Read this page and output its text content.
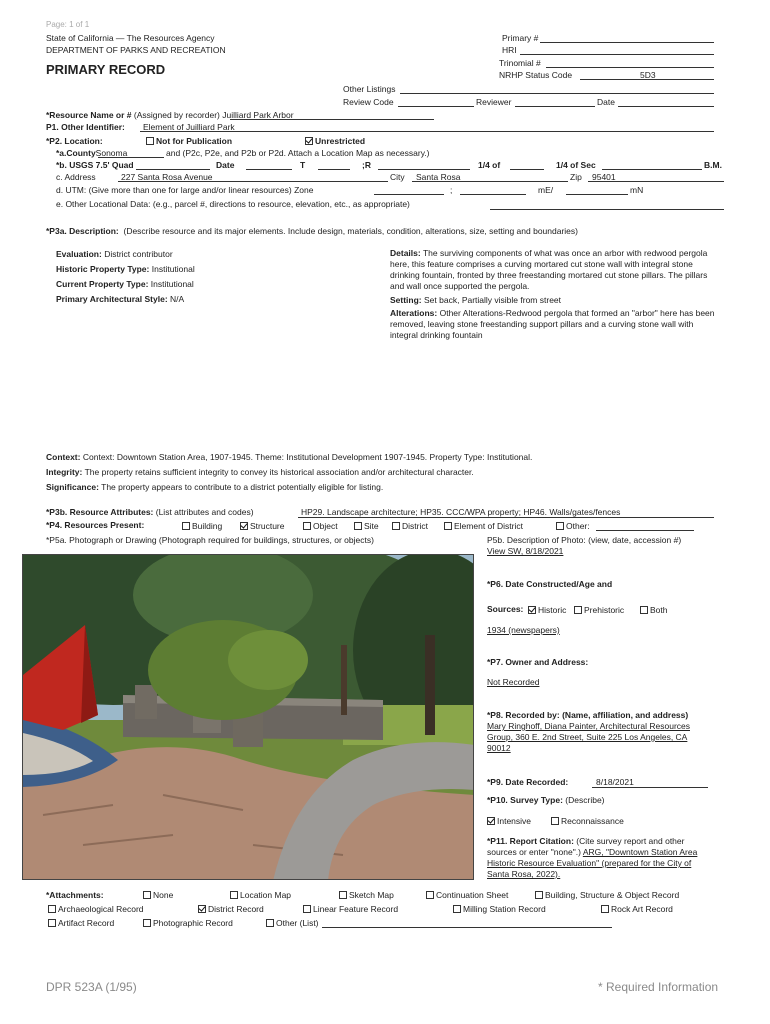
Page: 1 of 1
State of California — The Resources Agency
DEPARTMENT OF PARKS AND RECREATION
PRIMARY RECORD
Primary #
HRI
Trinomial #
NRHP Status Code	5D3
Other Listings
Review Code	Reviewer	Date
*Resource Name or # (Assigned by recorder) Juilliard Park Arbor
P1. Other Identifier: Element of Juilliard Park
*P2. Location:	Not for Publication	Unrestricted
*a.CountySonoma	and (P2c, P2e, and P2b or P2d. Attach a Location Map as necessary.)
*b. USGS 7.5' Quad	Date	T	;R	1/4 of	1/4 of Sec	B.M.
c. Address	227 Santa Rosa Avenue	City Santa Rosa	Zip 95401
d. UTM: (Give more than one for large and/or linear resources) Zone	;	mE/	mN
e. Other Locational Data: (e.g., parcel #, directions to resource, elevation, etc., as appropriate)
*P3a. Description: (Describe resource and its major elements. Include design, materials, condition, alterations, size, setting and boundaries)
Evaluation: District contributor
Historic Property Type: Institutional
Current Property Type: Institutional
Primary Architectural Style: N/A
Details: The surviving components of what was once an arbor with redwood pergola here, this feature comprises a curving mortared cut stone wall with integral stone drinking fountain, fronted by three freestanding mortared cut stone pillars. The pillars and wall once supported the pergola.
Setting: Set back, Partially visible from street
Alterations: Other Alterations-Redwood pergola that formed an "arbor" here has been removed, leaving stone freestanding support pillars and a curving stone wall with integral drinking fountain
Context: Context: Downtown Station Area, 1907-1945. Theme: Institutional Development 1907-1945. Property Type: Institutional.
Integrity: The property retains sufficient integrity to convey its historical association and/or architectural character.
Significance: The property appears to contribute to a district potentially eligible for listing.
*P3b. Resource Attributes: (List attributes and codes)	HP29. Landscape architecture; HP35. CCC/WPA property; HP46. Walls/gates/fences
*P4. Resources Present:	Building	Structure	Object	Site	District	Element of District	Other:
*P5a. Photograph or Drawing (Photograph required for buildings, structures, or objects)	P5b. Description of Photo: (view, date, accession #)
View SW, 8/18/2021
*P6. Date Constructed/Age and
Sources:	Historic	Prehistoric	Both
1934 (newspapers)
*P7. Owner and Address:
Not Recorded
*P8. Recorded by: (Name, affiliation, and address)
Mary Ringhoff, Diana Painter, Architectural Resources Group, 360 E. 2nd Street, Suite 225 Los Angeles, CA 90012
*P9. Date Recorded:	8/18/2021
*P10. Survey Type: (Describe)
Intensive	Reconnaissance
*P11. Report Citation: (Cite survey report and other sources or enter "none".) ARG, "Downtown Station Area Historic Resource Evaluation" (prepared for the City of Santa Rosa, 2022).
*Attachments:	None	Location Map	Sketch Map	Continuation Sheet	Building, Structure & Object Record
Archaeological Record	District Record	Linear Feature Record	Milling Station Record	Rock Art Record
Artifact Record	Photographic Record	Other (List)
DPR 523A (1/95)	* Required Information
